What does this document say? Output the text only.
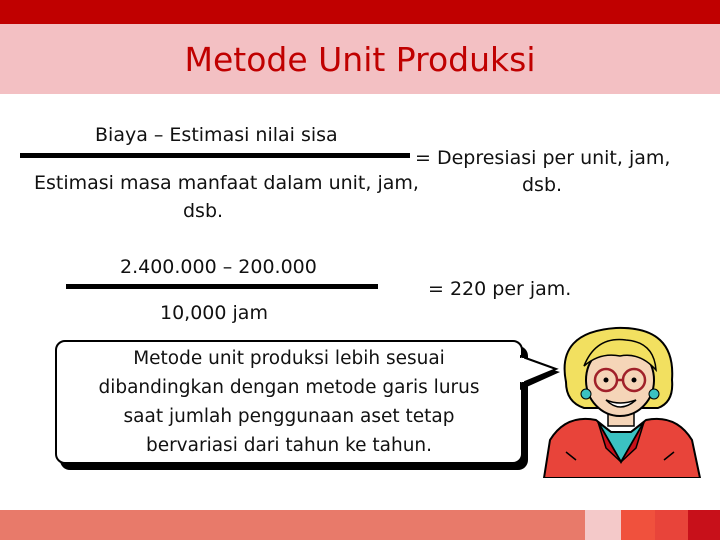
Metode Unit Produksi
Biaya – Estimasi nilai sisa
Estimasi masa manfaat dalam unit, jam,
dsb.
= Depresiasi per unit, jam,
dsb.
2.400.000 – 200.000
10,000 jam
= 220 per jam.
Metode unit produksi lebih sesuai
dibandingkan dengan metode garis lurus
saat jumlah penggunaan aset tetap
bervariasi dari tahun ke tahun.
